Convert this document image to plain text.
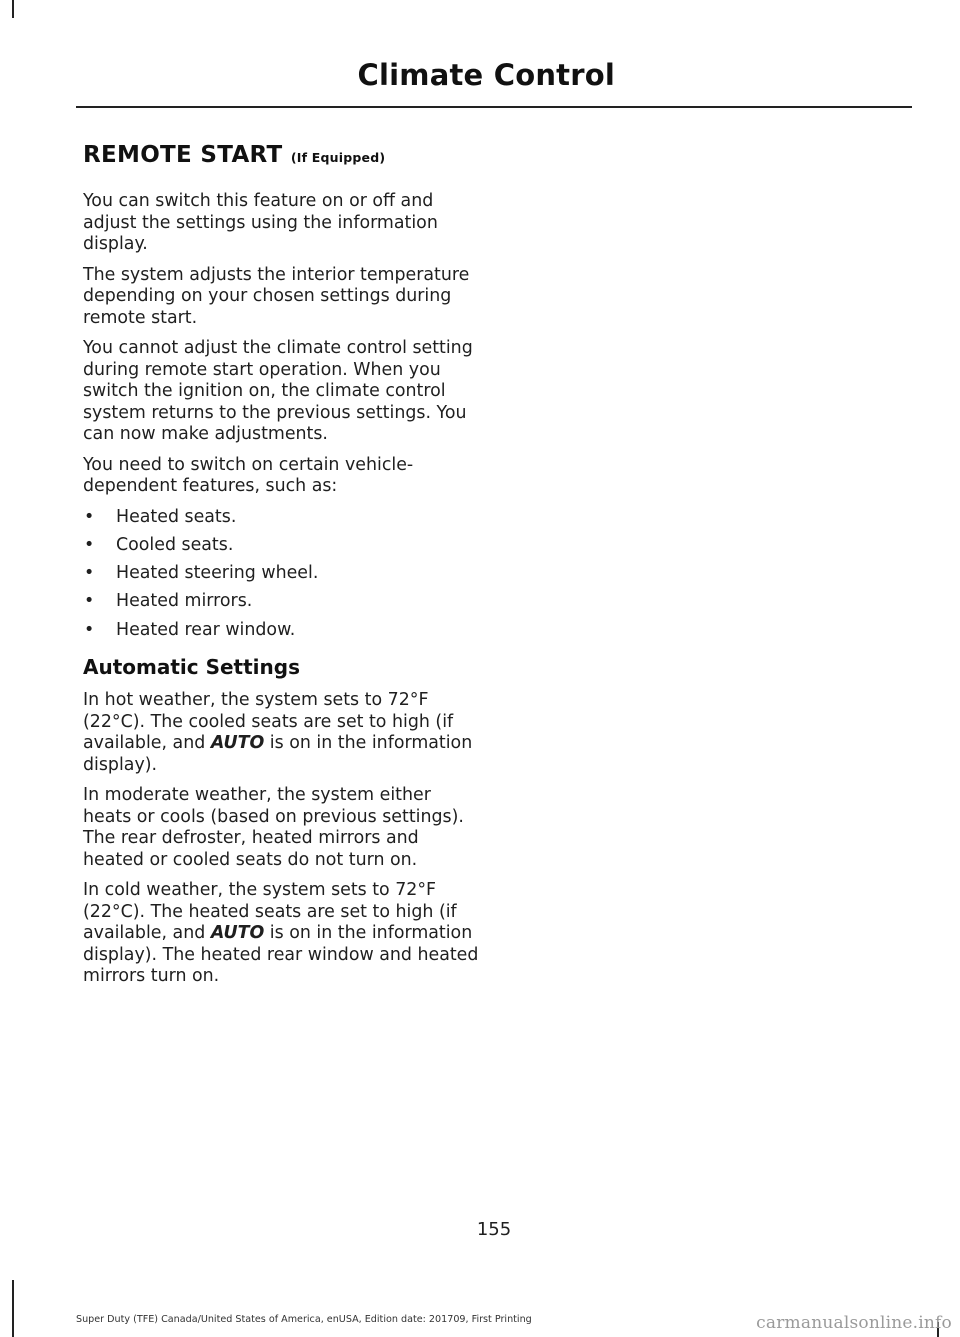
Climate Control
REMOTE START (If Equipped)

You can switch this feature on or off and adjust the settings using the information display.

The system adjusts the interior temperature depending on your chosen settings during remote start.

You cannot adjust the climate control setting during remote start operation. When you switch the ignition on, the climate control system returns to the previous settings. You can now make adjustments.

You need to switch on certain vehicle-dependent features, such as:

• Heated seats.
• Cooled seats.
• Heated steering wheel.
• Heated mirrors.
• Heated rear window.
Automatic Settings

In hot weather, the system sets to 72°F (22°C). The cooled seats are set to high (if available, and AUTO is on in the information display).

In moderate weather, the system either heats or cools (based on previous settings). The rear defroster, heated mirrors and heated or cooled seats do not turn on.

In cold weather, the system sets to 72°F (22°C). The heated seats are set to high (if available, and AUTO is on in the information display). The heated rear window and heated mirrors turn on.

155
Super Duty (TFE) Canada/United States of America, enUSA, Edition date: 201709, First Printing	carmanualsonline.info
